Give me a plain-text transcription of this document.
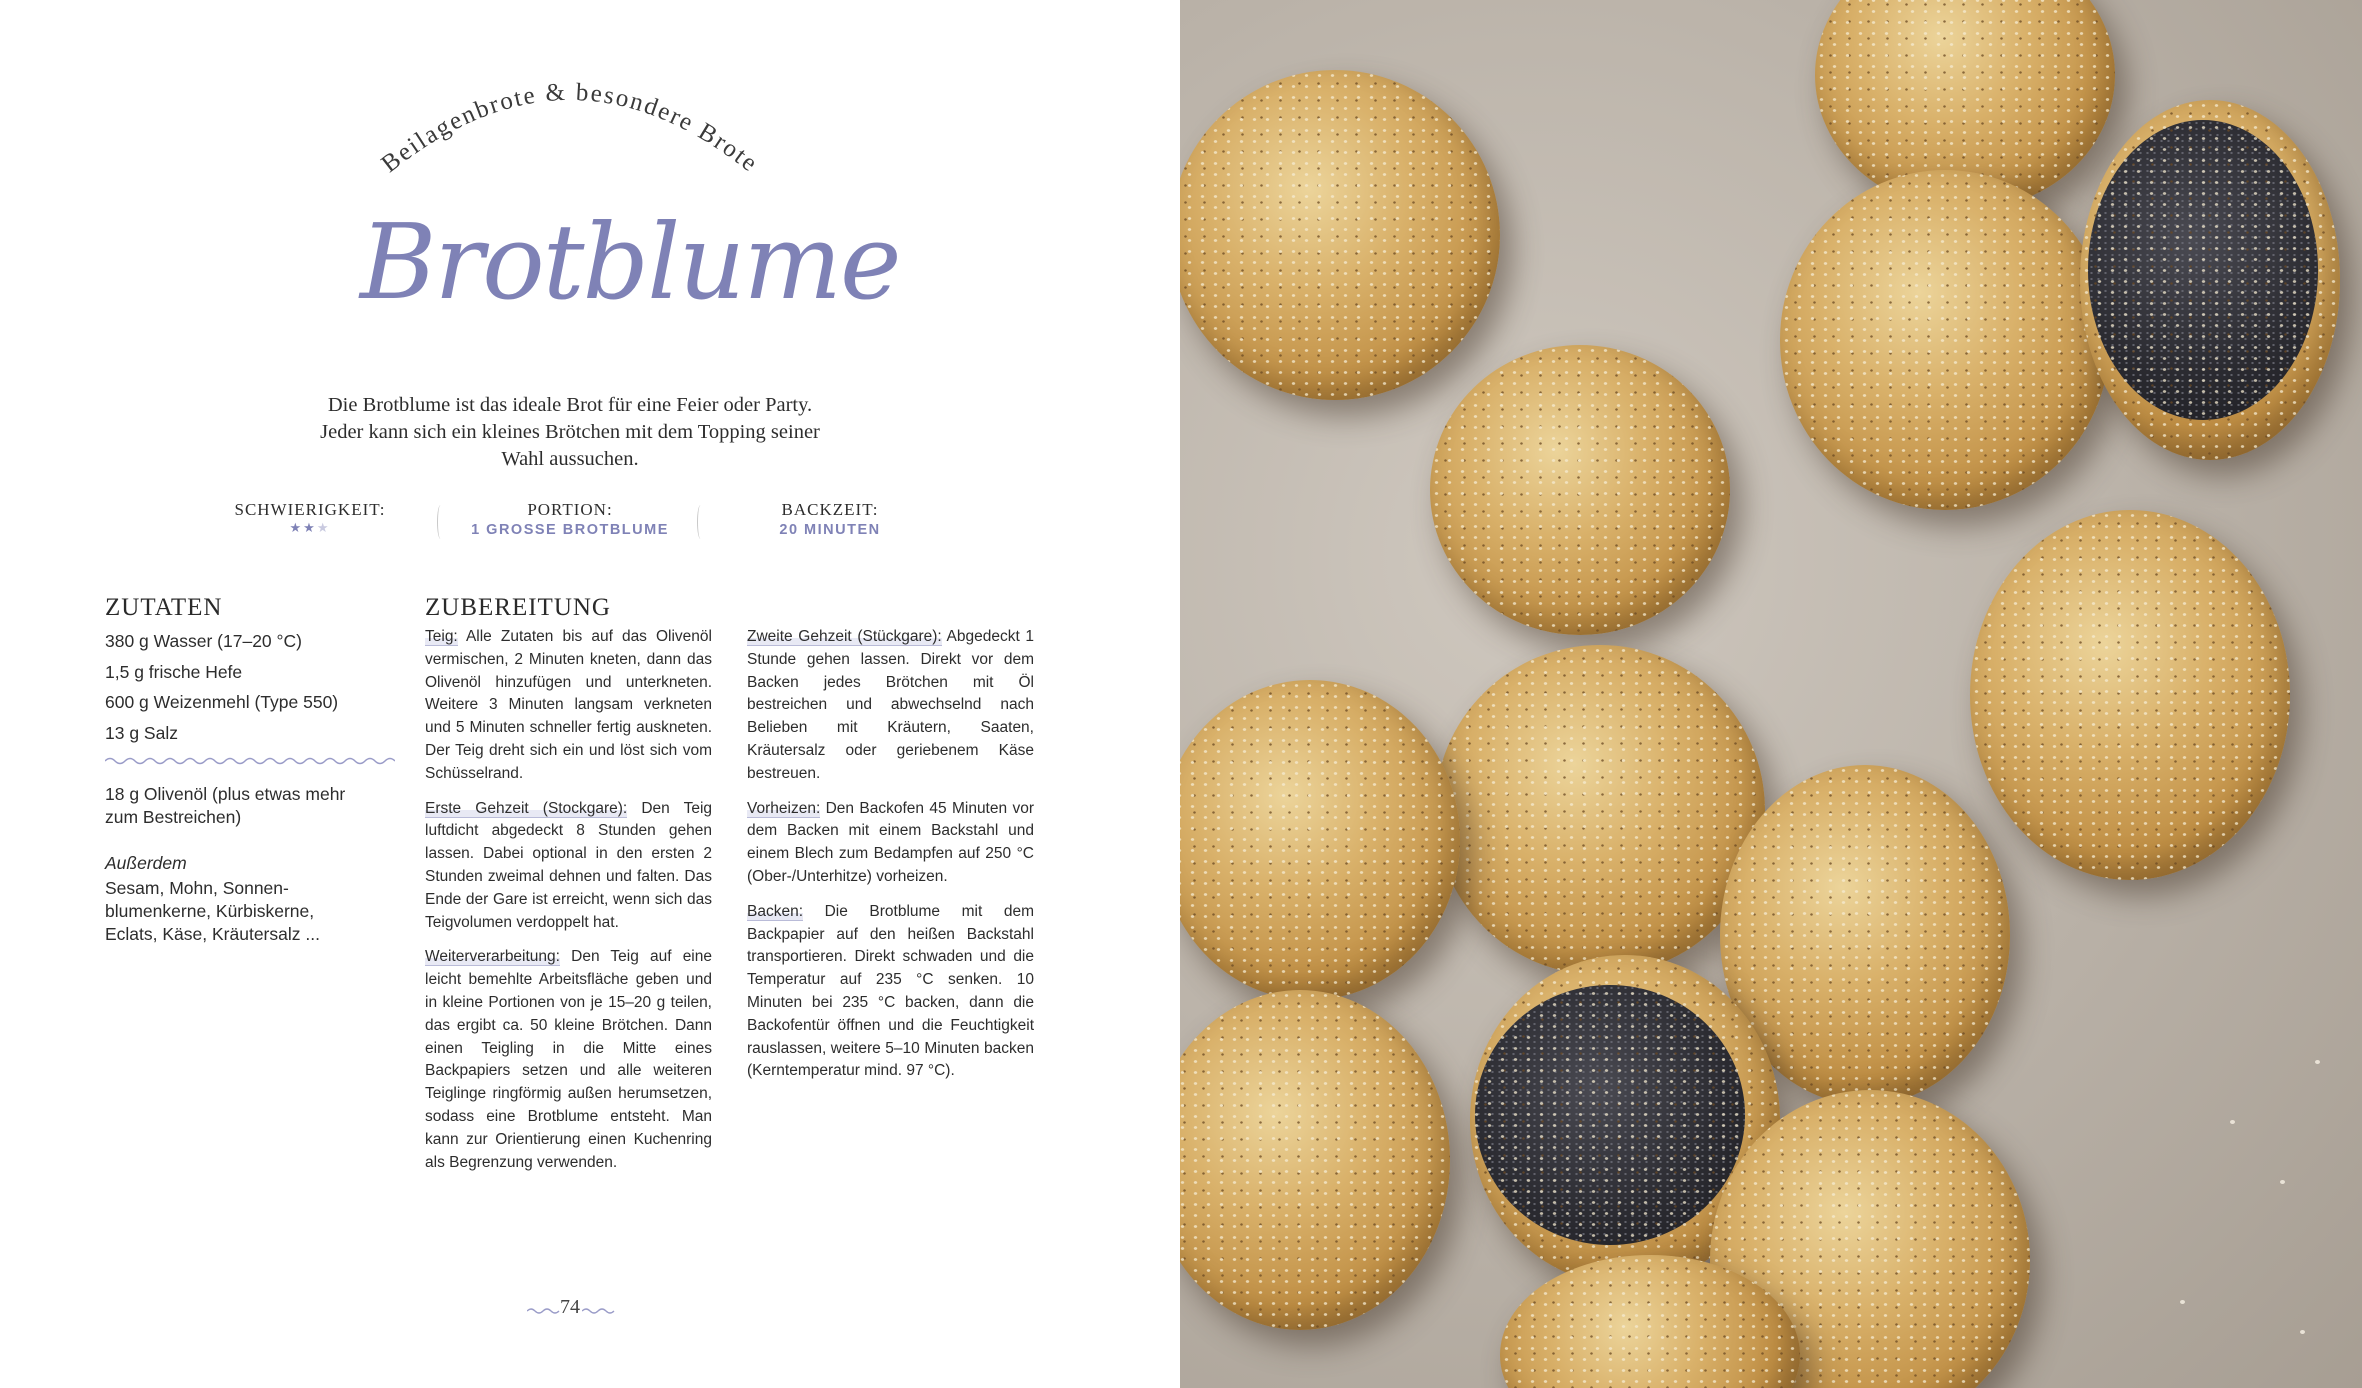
Beilagenbrote & besondere Brote
Brotblume
Die Brotblume ist das ideale Brot für eine Feier oder Party.
Jeder kann sich ein kleines Brötchen mit dem Topping seiner
Wahl aussuchen.
SCHWIERIGKEIT:
★★★
PORTION:
1 GROSSE BROTBLUME
BACKZEIT:
20 MINUTEN
ZUTATEN
380 g Wasser (17–20 °C)
1,5 g frische Hefe
600 g Weizenmehl (Type 550)
13 g Salz
18 g Olivenöl (plus etwas mehr
zum Bestreichen)
Außerdem
Sesam, Mohn, Sonnen-
blumenkerne, Kürbiskerne,
Eclats, Käse, Kräutersalz ...
ZUBEREITUNG

Teig: Alle Zutaten bis auf das Olivenöl vermischen, 2 Minuten kneten, dann das Olivenöl hinzufügen und unterkneten. Weitere 3 Minuten langsam verkneten und 5 Minuten schneller fertig auskneten. Der Teig dreht sich ein und löst sich vom Schüsselrand.

Erste Gehzeit (Stockgare): Den Teig luftdicht abgedeckt 8 Stunden gehen lassen. Dabei optional in den ersten 2 Stunden zweimal dehnen und falten. Das Ende der Gare ist erreicht, wenn sich das Teigvolumen verdoppelt hat.

Weiterverarbeitung: Den Teig auf eine leicht bemehlte Arbeitsfläche geben und in kleine Portionen von je 15–20 g teilen, das ergibt ca. 50 kleine Brötchen. Dann einen Teigling in die Mitte eines Backpapiers setzen und alle weiteren Teiglinge ringförmig außen herumsetzen, sodass eine Brotblume entsteht. Man kann zur Orientierung einen Kuchenring als Begrenzung verwenden.

Zweite Gehzeit (Stückgare): Abgedeckt 1 Stunde gehen lassen. Direkt vor dem Backen jedes Brötchen mit Öl bestreichen und abwechselnd nach Belieben mit Kräutern, Saaten, Kräutersalz oder geriebenem Käse bestreuen.

Vorheizen: Den Backofen 45 Minuten vor dem Backen mit einem Backstahl und einem Blech zum Bedampfen auf 250 °C (Ober-/Unterhitze) vorheizen.

Backen: Die Brotblume mit dem Backpapier auf den heißen Backstahl transportieren. Direkt schwaden und die Temperatur auf 235 °C senken. 10 Minuten bei 235 °C backen, dann die Backofentür öffnen und die Feuchtigkeit rauslassen, weitere 5–10 Minuten backen (Kerntemperatur mind. 97 °C).

74
